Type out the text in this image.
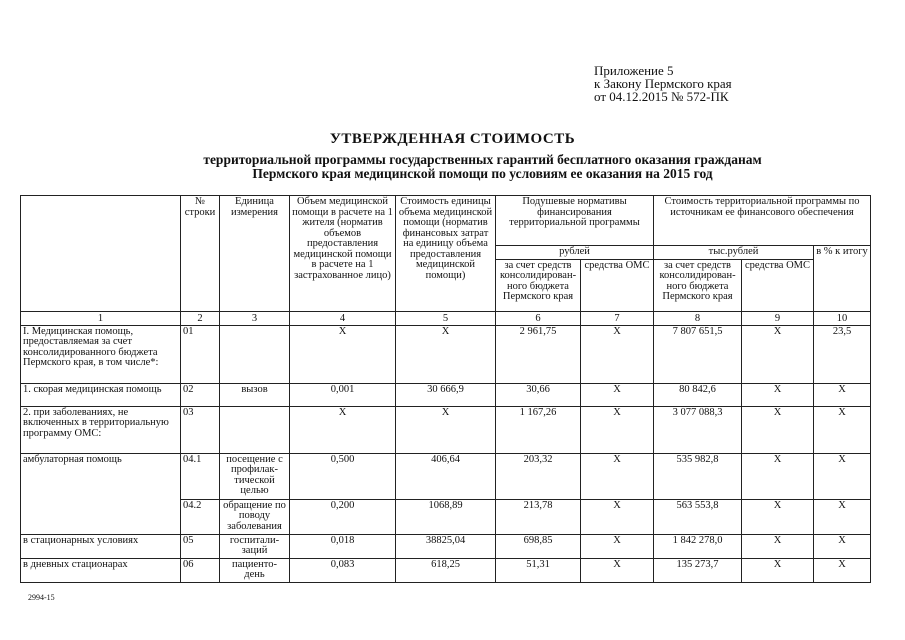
Приложение 5
к Закону Пермского края
от 04.12.2015 № 572-ПК
УТВЕРЖДЕННАЯ СТОИМОСТЬ
территориальной программы государственных гарантий бесплатного оказания гражданам
Пермского края медицинской помощи по условиям ее оказания на 2015 год
	№ строки	Единица измерения	Объем медицинской помощи в расчете на 1 жителя (норматив объемов предоставления медицинской помощи в расчете на 1 застрахованное лицо)	Стоимость единицы объема медицинской помощи (норматив финансовых затрат на единицу объема предоставления медицинской помощи)	Подушевые нормативы финансирования территориальной программы		Стоимость территориальной программы по источникам ее финансового обеспечения		
					рублей		тыс.рублей		в % к итогу
					за счет средств консолидирован-ного бюджета Пермского края	средства ОМС	за счет средств консолидирован-ного бюджета Пермского края	средства ОМС	
1	2	3	4	5	6	7	8	9	10
I. Медицинская помощь, предоставляемая за счет консолидированного бюджета Пермского края, в том числе*:	01		X	X	2 961,75	X	7 807 651,5	X	23,5
1. скорая медицинская помощь	02	вызов	0,001	30 666,9	30,66	X	80 842,6	X	X
2. при заболеваниях, не включенных в территориальную программу ОМС:	03		X	X	1 167,26	X	3 077 088,3	X	X
амбулаторная помощь	04.1	посещение с профилак-тической целью	0,500	406,64	203,32	X	535 982,8	X	X
	04.2	обращение по поводу заболевания	0,200	1068,89	213,78	X	563 553,8	X	X
в стационарных условиях	05	госпитали-заций	0,018	38825,04	698,85	X	1 842 278,0	X	X
в дневных стационарах	06	пациенто-день	0,083	618,25	51,31	X	135 273,7	X	X
2994-15
